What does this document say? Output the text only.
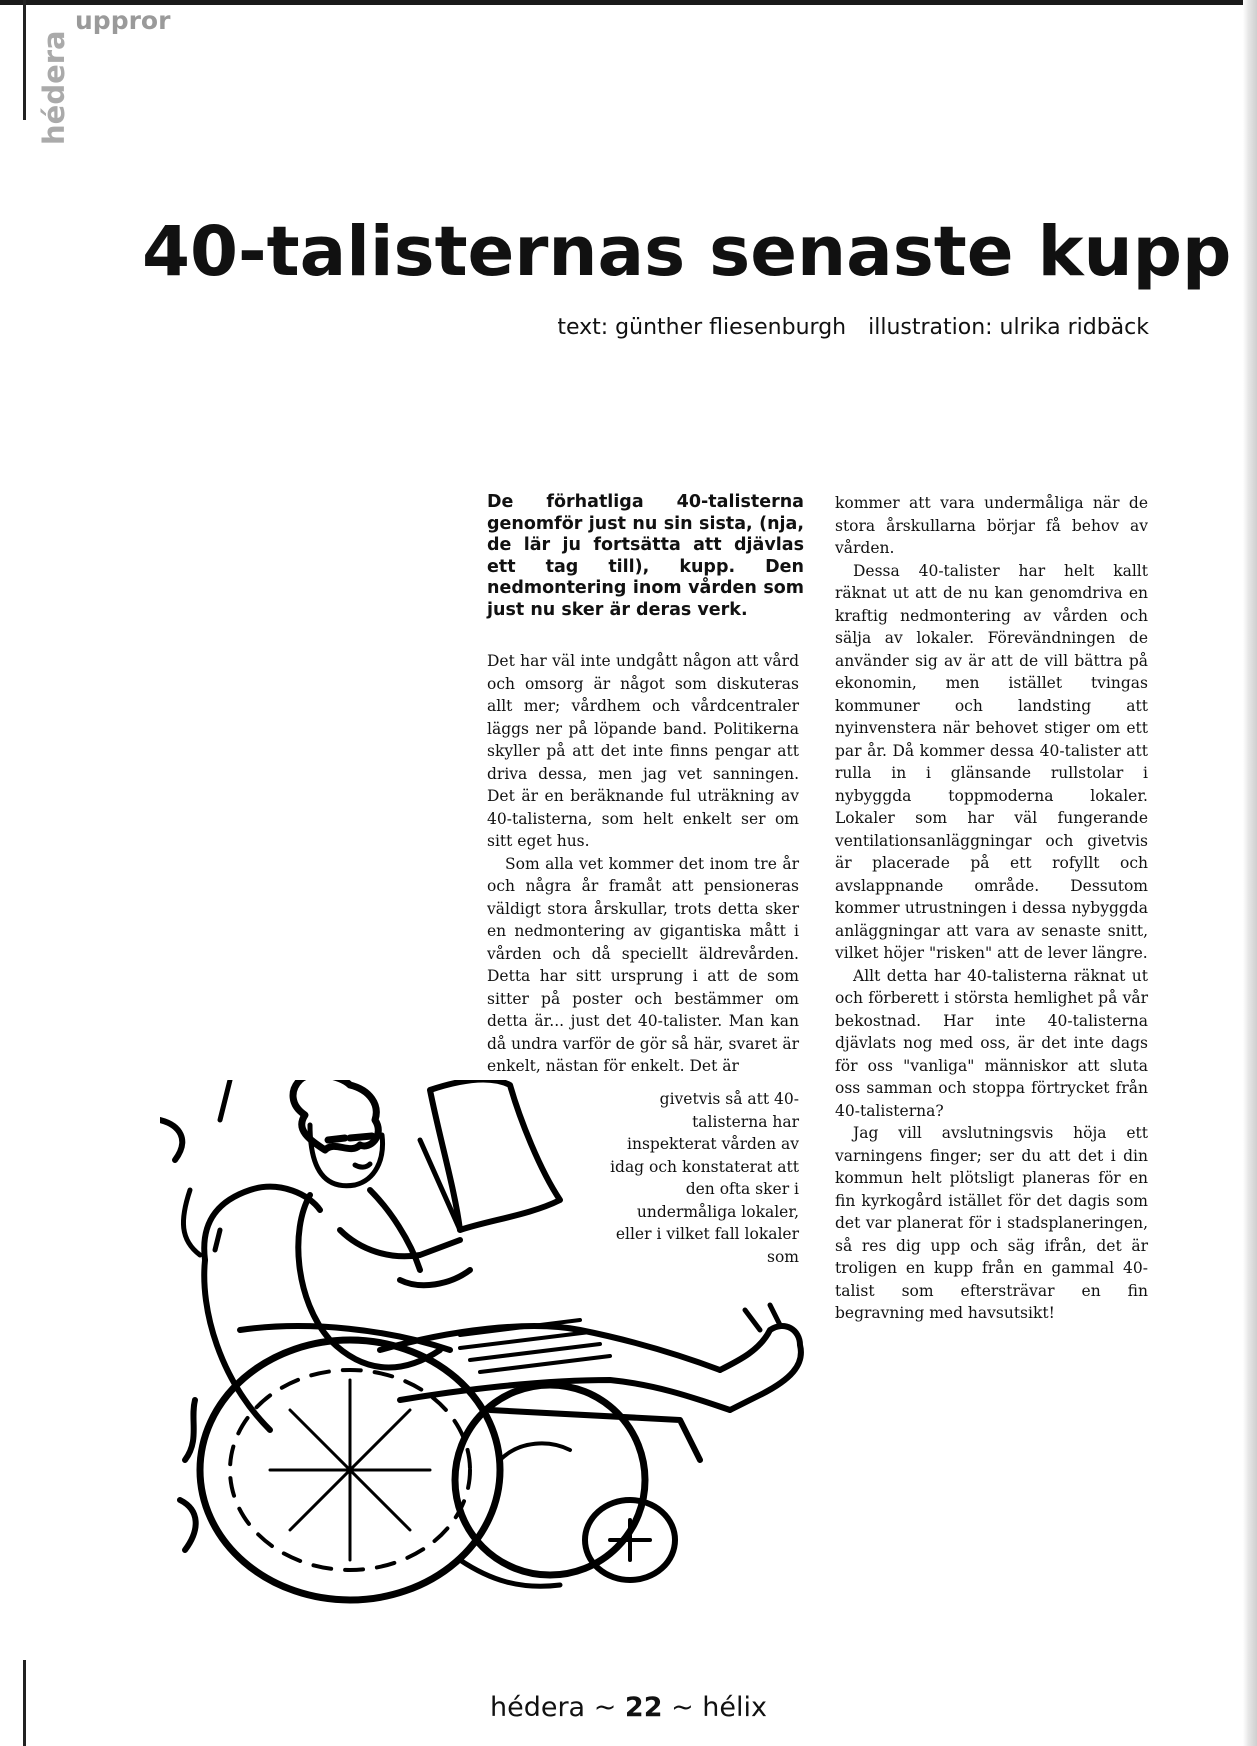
uppror
hédera
40-talisternas senaste kupp
text: günther fliesenburgh illustration: ulrika ridbäck
De förhatliga 40-talisterna genomför just nu sin sista, (nja, de lär ju fortsätta att djävlas ett tag till), kupp. Den nedmontering inom vården som just nu sker är deras verk.

Det har väl inte undgått någon att vård och omsorg är något som diskuteras allt mer; vårdhem och vårdcentraler läggs ner på löpande band. Politikerna skyller på att det inte finns pengar att driva dessa, men jag vet sanningen. Det är en beräknande ful uträkning av 40-talisterna, som helt enkelt ser om sitt eget hus.

Som alla vet kommer det inom tre år och några år framåt att pensioneras väldigt stora årskullar, trots detta sker en nedmontering av gigantiska mått i vården och då speciellt äldrevården. Detta har sitt ursprung i att de som sitter på poster och bestämmer om detta är... just det 40-talister. Man kan då undra varför de gör så här, svaret är enkelt, nästan för enkelt. Det är

givetvis så att 40-talisterna har inspekterat vården av idag och konstaterat att den ofta sker i undermåliga lokaler, eller i vilket fall lokaler som

kommer att vara undermåliga när de stora årskullarna börjar få behov av vården.

Dessa 40-talister har helt kallt räknat ut att de nu kan genomdriva en kraftig nedmontering av vården och sälja av lokaler. Förevändningen de använder sig av är att de vill bättra på ekonomin, men istället tvingas kommuner och landsting att nyinvenstera när behovet stiger om ett par år. Då kommer dessa 40-talister att rulla in i glänsande rullstolar i nybyggda toppmoderna lokaler. Lokaler som har väl fungerande ventilationsanläggningar och givetvis är placerade på ett rofyllt och avslappnande område. Dessutom kommer utrustningen i dessa nybyggda anläggningar att vara av senaste snitt, vilket höjer "risken" att de lever längre.

Allt detta har 40-talisterna räknat ut och förberett i största hemlighet på vår bekostnad. Har inte 40-talisterna djävlats nog med oss, är det inte dags för oss "vanliga" människor att sluta oss samman och stoppa förtrycket från 40-talisterna?

Jag vill avslutningsvis höja ett varningens finger; ser du att det i din kommun helt plötsligt planeras för en fin kyrkogård istället för det dagis som det var planerat för i stadsplaneringen, så res dig upp och säg ifrån, det är troligen en kupp från en gammal 40-talist som eftersträvar en fin begravning med havsutsikt!

hédera ~ 22 ~ hélix
